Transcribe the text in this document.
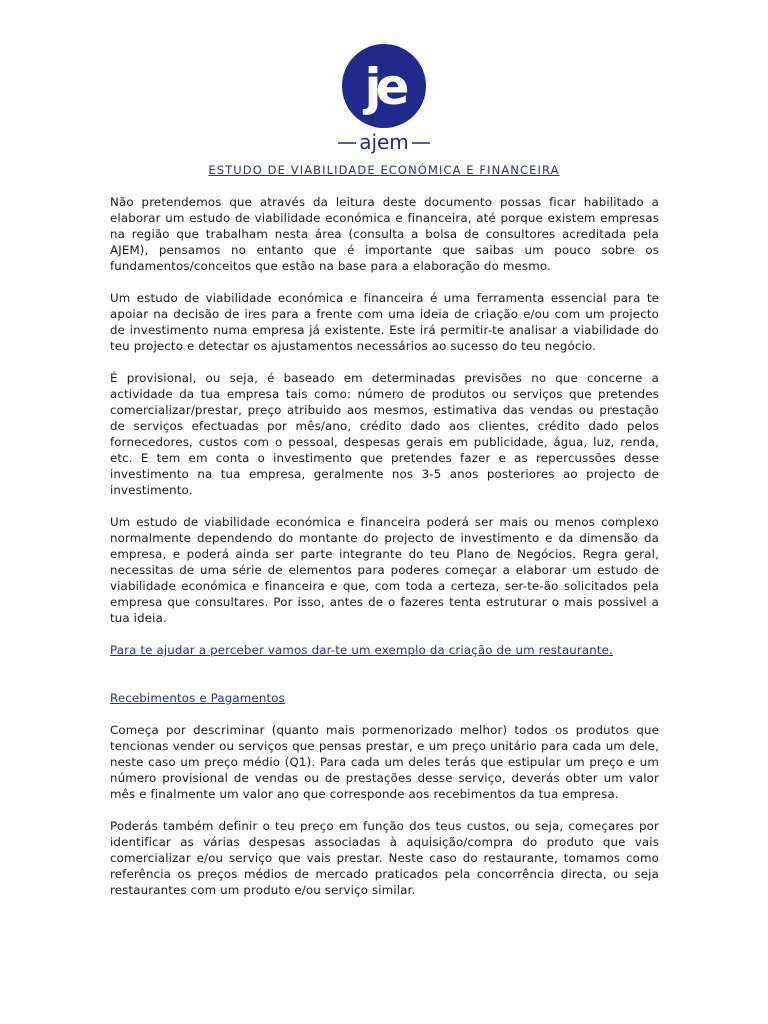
je
ajem
ESTUDO DE VIABILIDADE ECONÓMICA E FINANCEIRA

Não pretendemos que através da leitura deste documento possas ficar habilitado a elaborar um estudo de viabilidade económica e financeira, até porque existem empresas na região que trabalham nesta área (consulta a bolsa de consultores acreditada pela AJEM), pensamos no entanto que é importante que saibas um pouco sobre os fundamentos/conceitos que estão na base para a elaboração do mesmo.

Um estudo de viabilidade económica e financeira é uma ferramenta essencial para te apoiar na decisão de ires para a frente com uma ideia de criação e/ou com um projecto de investimento numa empresa já existente. Este irá permitir-te analisar a viabilidade do teu projecto e detectar os ajustamentos necessários ao sucesso do teu negócio.

É provisional, ou seja, é baseado em determinadas previsões no que concerne a actividade da tua empresa tais como: número de produtos ou serviços que pretendes comercializar/prestar, preço atribuido aos mesmos, estimativa das vendas ou prestação de serviços efectuadas por mês/ano, crédito dado aos clientes, crédito dado pelos fornecedores, custos com o pessoal, despesas gerais em publicidade, água, luz, renda, etc. E tem em conta o investimento que pretendes fazer e as repercussões desse investimento na tua empresa, geralmente nos 3-5 anos posteriores ao projecto de investimento.

Um estudo de viabilidade económica e financeira poderá ser mais ou menos complexo normalmente dependendo do montante do projecto de investimento e da dimensão da empresa, e poderá ainda ser parte integrante do teu Plano de Negócios. Regra geral, necessitas de uma série de elementos para poderes começar a elaborar um estudo de viabilidade económica e financeira e que, com toda a certeza, ser-te-ão solicitados pela empresa que consultares. Por isso, antes de o fazeres tenta estruturar o mais possivel a tua ideia.

Para te ajudar a perceber vamos dar-te um exemplo da criação de um restaurante.

Recebimentos e Pagamentos

Começa por descriminar (quanto mais pormenorizado melhor) todos os produtos que tencionas vender ou serviços que pensas prestar, e um preço unitário para cada um dele, neste caso um preço médio (Q1). Para cada um deles terás que estipular um preço e um número provisional de vendas ou de prestações desse serviço, deverás obter um valor mês e finalmente um valor ano que corresponde aos recebimentos da tua empresa.

Poderás também definir o teu preço em função dos teus custos, ou seja, começares por identificar as várias despesas associadas à aquisição/compra do produto que vais comercializar e/ou serviço que vais prestar. Neste caso do restaurante, tomamos como referência os preços médios de mercado praticados pela concorrência directa, ou seja restaurantes com um produto e/ou serviço similar.
